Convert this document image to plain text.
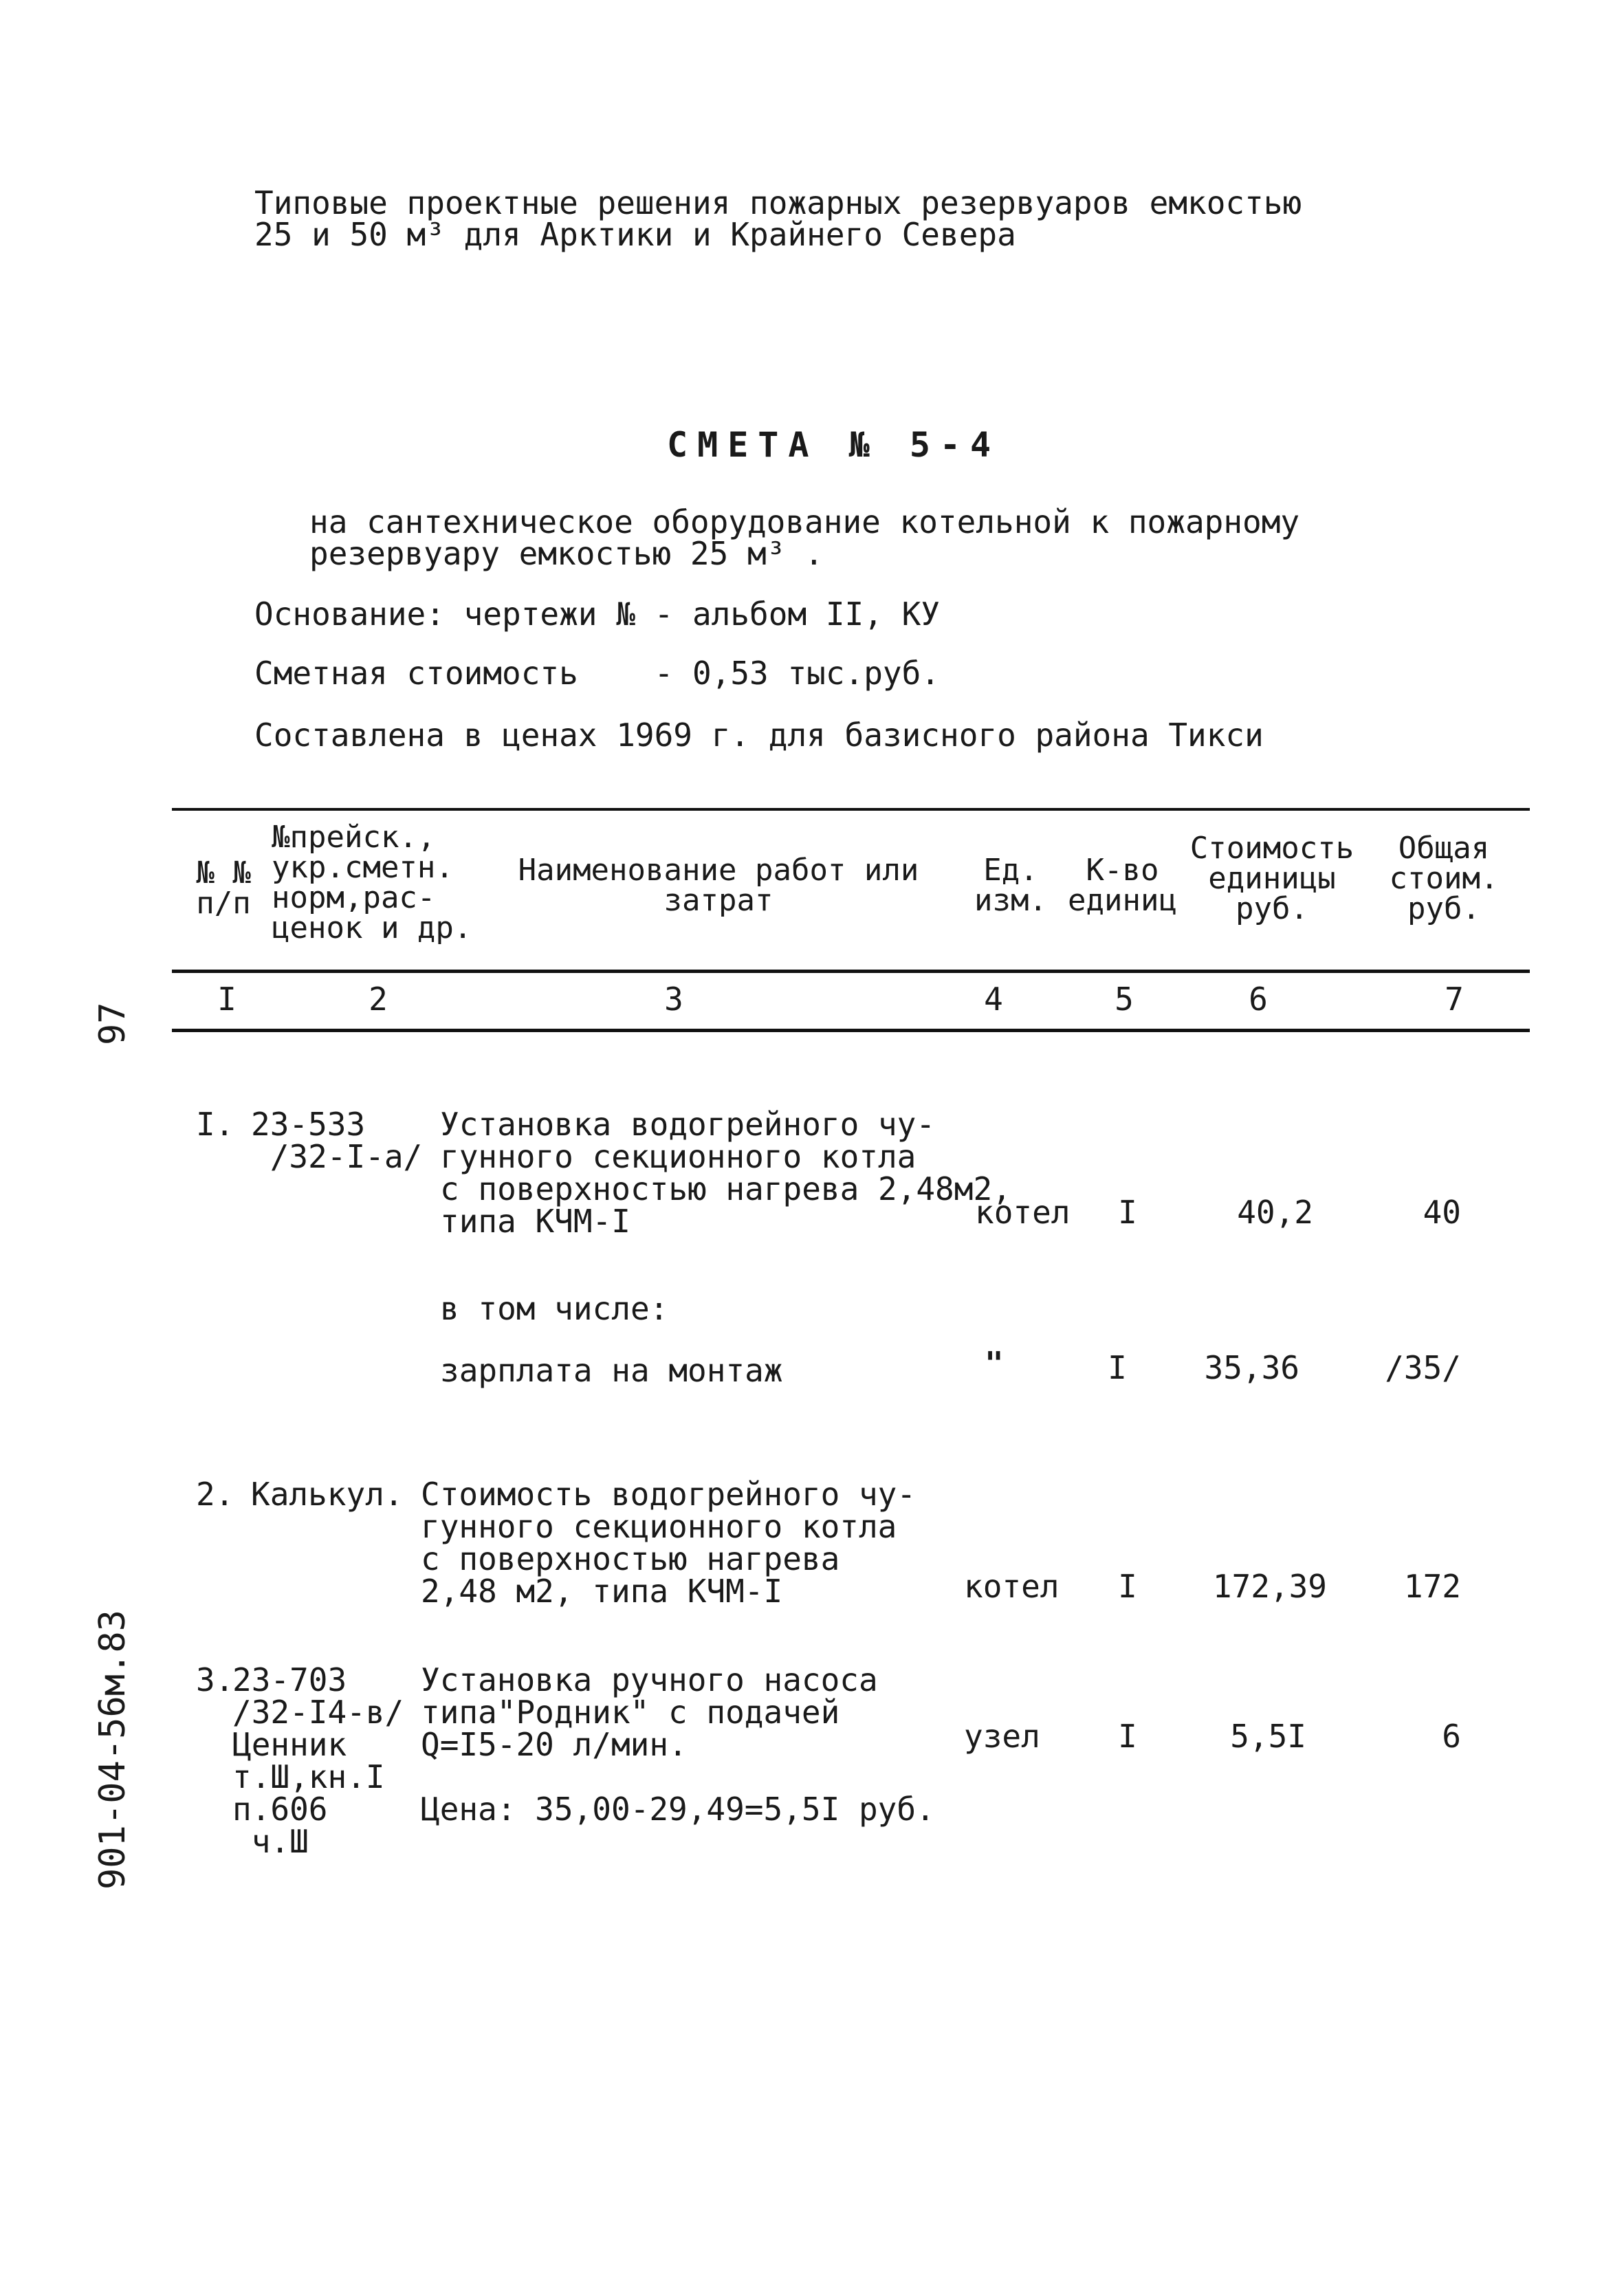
Типовые проектные решения пожарных резервуаров емкостью
25 и 50 м³ для Арктики и Крайнего Севера
СМЕТА № 5-4
на сантехническое оборудование котельной к пожарному
резервуару емкостью 25 м³ .
Основание: чертежи № - альбом II, КУ
Сметная стоимость    - 0,53 тыс.руб.
Составлена в ценах 1969 г. для базисного района Тикси
№ №
п/п
№прейск.,
укр.сметн.
норм,рас-
ценок и др.
Наименование работ или
затрат
Ед.
изм.
К-во
единиц
Стоимость
единицы
руб.
Общая
стоим.
руб.
I	2	3	4	5	6	7
I. 23-533
/32-I-а/
Установка водогрейного чу-
гунного секционного котла
с поверхностью нагрева 2,48м2,
типа КЧМ-I	котел	I	40,2	40
в том числе:
зарплата на монтаж	"	I	35,36	/35/
2. Калькул. Стоимость водогрейного чу-
гунного секционного котла
с поверхностью нагрева
2,48 м2, типа КЧМ-I	котел	I	172,39	172
3.
23-703
/32-I4-в/
Ценник
т.Ш,кн.I
п.606
ч.Ш
Установка ручного насоса
типа"Родник" с подачей
Q=I5-20 л/мин.

Цена: 35,00-29,49=5,5I руб.
узел	I	5,5I	6
97
901-04-56м.83
